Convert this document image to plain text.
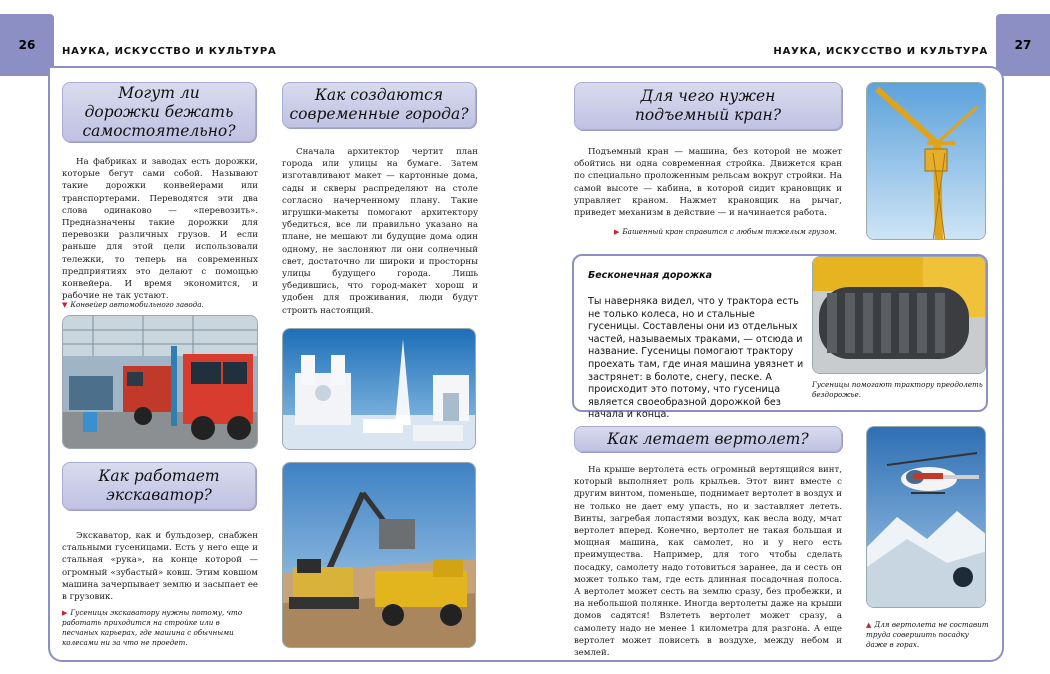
26	27
НАУКА, ИСКУССТВО И КУЛЬТУРА	НАУКА, ИСКУССТВО И КУЛЬТУРА
Могут ли
дорожки бежать
самостоятельно?

На фабриках и заводах есть дорожки, которые бегут сами собой. Называют такие дорожки конвейерами или транспортерами. Переводятся эти два слова одинаково — «перевозить». Предназначены такие дорожки для перевозки различных грузов. И если раньше для этой цели использовали тележки, то теперь на современных предприятиях это делают с помощью конвейера. И время экономится, и рабочие не так устают.

▼ Конвейер автомобильного завода.
Как создаются
современные города?

Сначала архитектор чертит план города или улицы на бумаге. Затем изготавливают макет — картонные дома, сады и скверы распределяют на столе согласно начерченному плану. Такие игрушки-макеты помогают архитектору убедиться, все ли правильно указано на плане, не мешают ли будущие дома один одному, не заслоняют ли они солнечный свет, достаточно ли широки и просторны улицы будущего города. Лишь убедившись, что город-макет хорош и удобен для проживания, люди будут строить настоящий.

Как работает
экскаватор?

Экскаватор, как и бульдозер, снабжен стальными гусеницами. Есть у него еще и стальная «рука», на конце которой — огромный «зубастый» ковш. Этим ковшом машина зачерпывает землю и засыпает ее в грузовик.

▶ Гусеницы экскаватору нужны потому, что работать приходится на стройке или в песчаных карьерах, где машина с обычными колесами ни за что не проедет.
Для чего нужен
подъемный кран?

Подъемный кран — машина, без которой не может обойтись ни одна современная стройка. Движется кран по специально проложенным рельсам вокруг стройки. На самой высоте — кабина, в которой сидит крановщик и управляет краном. Нажмет крановщик на рычаг, приведет механизм в действие — и начинается работа.

▶ Башенный кран справится с любым тяжелым грузом.
Бесконечная дорожка
Ты наверняка видел, что у трактора есть не только колеса, но и стальные гусеницы. Составлены они из отдельных частей, называемых траками, — отсюда и название. Гусеницы помогают трактору проехать там, где иная машина увязнет и застрянет: в болоте, снегу, песке. А происходит это потому, что гусеница является своеобразной дорожкой без начала и конца.
Гусеницы помогают трактору преодолеть бездорожье.
Как летает вертолет?

На крыше вертолета есть огромный вертящийся винт, который выполняет роль крыльев. Этот винт вместе с другим винтом, поменьше, поднимает вертолет в воздух и не только не дает ему упасть, но и заставляет лететь. Винты, загребая лопастями воздух, как весла воду, мчат вертолет вперед. Конечно, вертолет не такая большая и мощная машина, как самолет, но и у него есть преимущества. Например, для того чтобы сделать посадку, самолету надо готовиться заранее, да и сесть он может только там, где есть длинная посадочная полоса. А вертолет может сесть на землю сразу, без пробежки, и на небольшой полянке. Иногда вертолеты даже на крыши домов садятся! Взлететь вертолет может сразу, а самолету надо не менее 1 километра для разгона. А еще вертолет может повисеть в воздухе, между небом и землей.

▲ Для вертолета не составит труда совершить посадку даже в горах.
